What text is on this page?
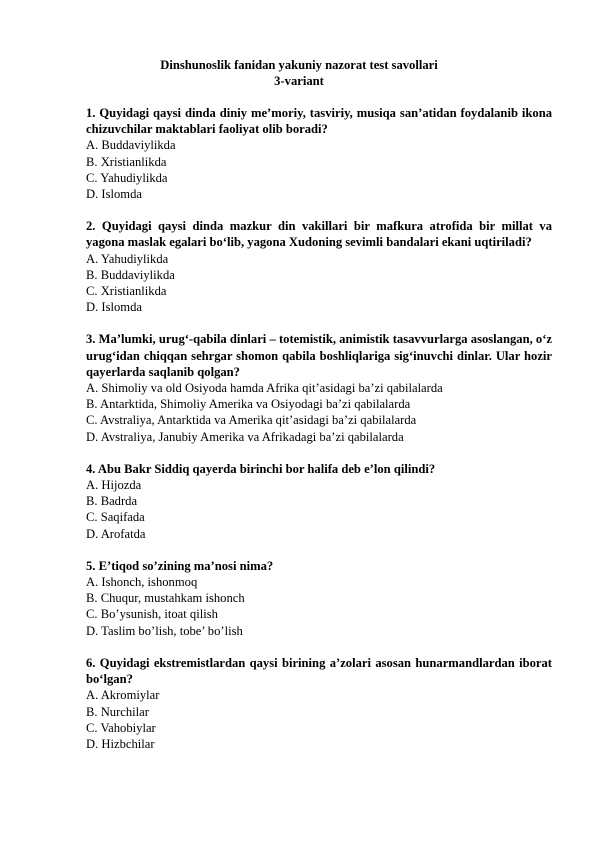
Dinshunoslik fanidan yakuniy nazorat test savollari
3-variant
1. Quyidagi qaysi dinda diniy me’moriy, tasviriy, musiqa san’atidan foydalanib ikona chizuvchilar maktablari faoliyat olib boradi?
A. Buddaviylikda
B. Xristianlikda
C. Yahudiylikda
D. Islomda
2. Quyidagi qaysi dinda mazkur din vakillari bir mafkura atrofida bir millat va yagona maslak egalari bo‘lib, yagona Xudoning sevimli bandalari ekani uqtiriladi?
A. Yahudiylikda
B. Buddaviylikda
C. Xristianlikda
D. Islomda
3. Ma’lumki, urug‘-qabila dinlari – totemistik, animistik tasavvurlarga asoslangan, o‘z urug‘idan chiqqan sehrgar shomon qabila boshliqlariga sig‘inuvchi dinlar. Ular hozir qayerlarda saqlanib qolgan?
A. Shimoliy va old Osiyoda hamda Afrika qit’asidagi ba’zi qabilalarda
B. Antarktida, Shimoliy Amerika va Osiyodagi ba’zi qabilalarda
C. Avstraliya, Antarktida va Amerika qit’asidagi ba’zi qabilalarda
D. Avstraliya, Janubiy Amerika va Afrikadagi ba’zi qabilalarda
4. Abu Bakr Siddiq qayerda birinchi bor halifa deb e’lon qilindi?
A. Hijozda
B. Badrda
C. Saqifada
D. Arofatda
5. E’tiqod so’zining ma’nosi nima?
A. Ishonch, ishonmoq
B. Chuqur, mustahkam ishonch
C. Bo’ysunish, itoat qilish
D. Taslim bo’lish, tobe’ bo’lish
6. Quyidagi ekstremistlardan qaysi birining a’zolari asosan hunarmandlardan iborat bo‘lgan?
A. Akromiylar
B. Nurchilar
C. Vahobiylar
D. Hizbchilar
